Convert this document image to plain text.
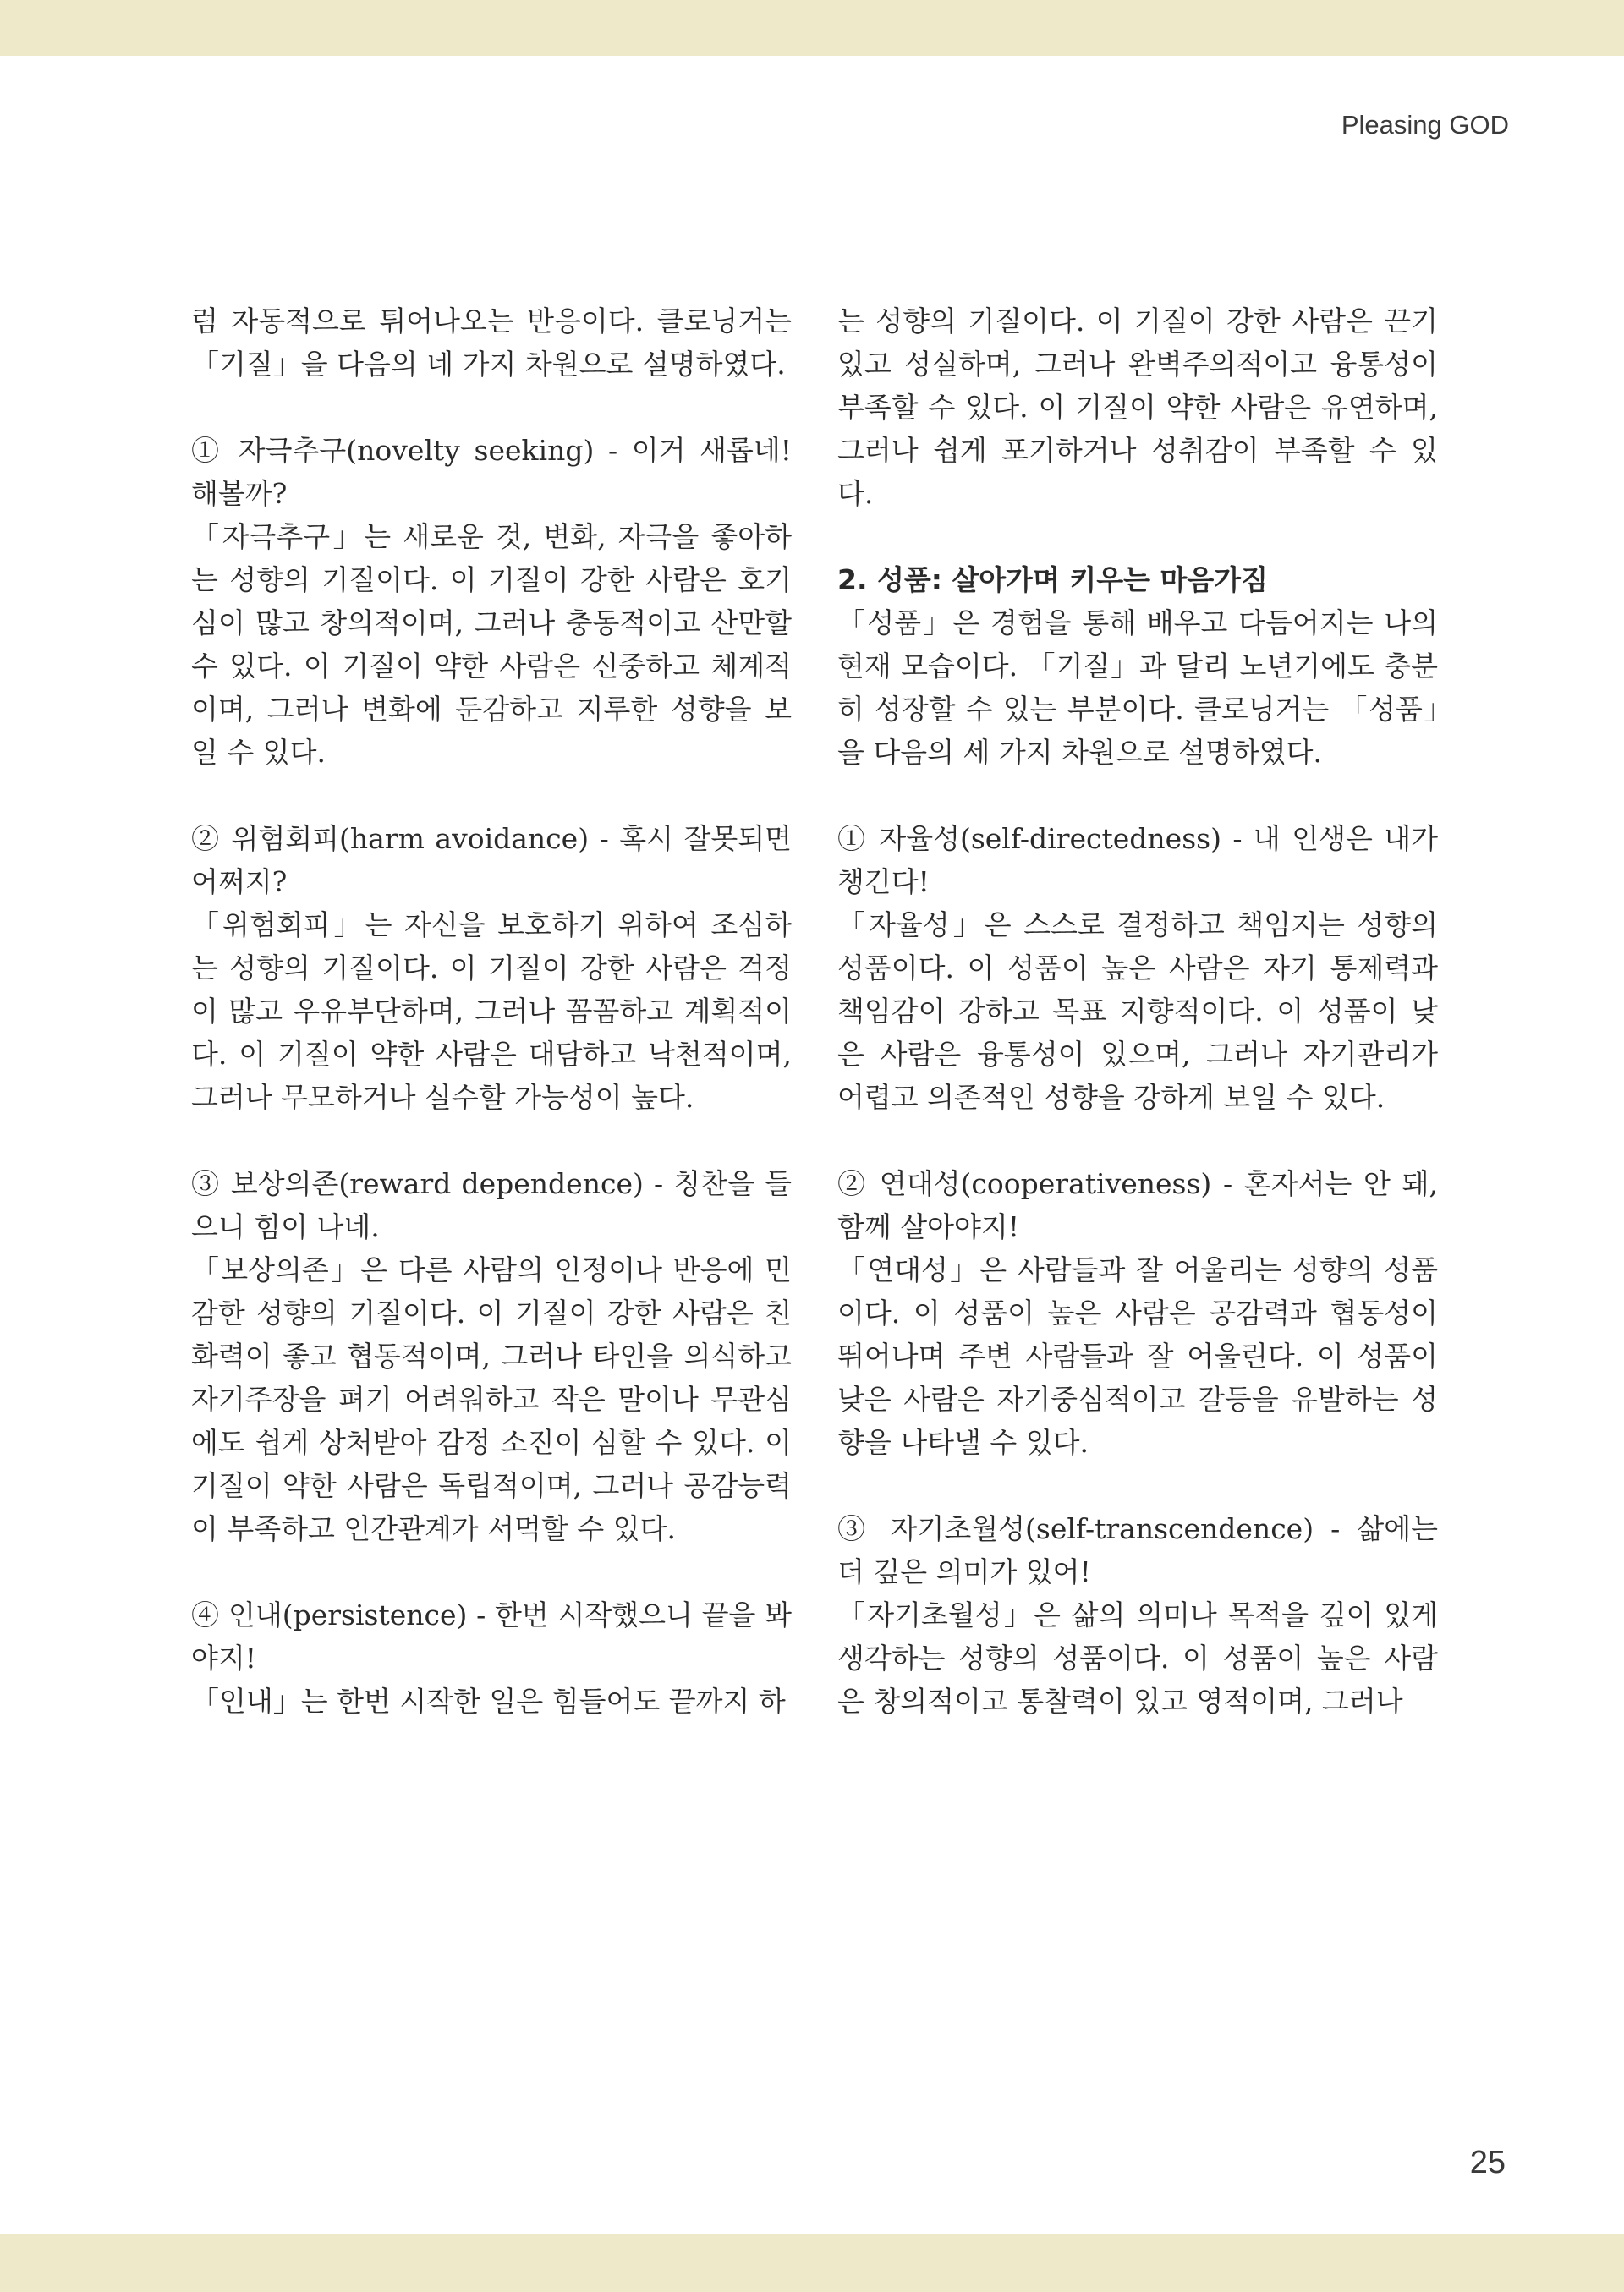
Pleasing GOD

럼 자동적으로 튀어나오는 반응이다. 클로닝거는 「기질」을 다음의 네 가지 차원으로 설명하였다.

① 자극추구(novelty seeking) - 이거 새롭네! 해볼까?

「자극추구」는 새로운 것, 변화, 자극을 좋아하는 성향의 기질이다. 이 기질이 강한 사람은 호기심이 많고 창의적이며, 그러나 충동적이고 산만할 수 있다. 이 기질이 약한 사람은 신중하고 체계적이며, 그러나 변화에 둔감하고 지루한 성향을 보일 수 있다.

② 위험회피(harm avoidance) - 혹시 잘못되면 어쩌지?

「위험회피」는 자신을 보호하기 위하여 조심하는 성향의 기질이다. 이 기질이 강한 사람은 걱정이 많고 우유부단하며, 그러나 꼼꼼하고 계획적이다. 이 기질이 약한 사람은 대담하고 낙천적이며, 그러나 무모하거나 실수할 가능성이 높다.

③ 보상의존(reward dependence) - 칭찬을 들으니 힘이 나네.

「보상의존」은 다른 사람의 인정이나 반응에 민감한 성향의 기질이다. 이 기질이 강한 사람은 친화력이 좋고 협동적이며, 그러나 타인을 의식하고 자기주장을 펴기 어려워하고 작은 말이나 무관심에도 쉽게 상처받아 감정 소진이 심할 수 있다. 이 기질이 약한 사람은 독립적이며, 그러나 공감능력이 부족하고 인간관계가 서먹할 수 있다.

④ 인내(persistence) - 한번 시작했으니 끝을 봐야지!

「인내」는 한번 시작한 일은 힘들어도 끝까지 하

는 성향의 기질이다. 이 기질이 강한 사람은 끈기 있고 성실하며, 그러나 완벽주의적이고 융통성이 부족할 수 있다. 이 기질이 약한 사람은 유연하며, 그러나 쉽게 포기하거나 성취감이 부족할 수 있다.

2. 성품: 살아가며 키우는 마음가짐

「성품」은 경험을 통해 배우고 다듬어지는 나의 현재 모습이다. 「기질」과 달리 노년기에도 충분히 성장할 수 있는 부분이다. 클로닝거는 「성품」을 다음의 세 가지 차원으로 설명하였다.

① 자율성(self-directedness) - 내 인생은 내가 챙긴다!

「자율성」은 스스로 결정하고 책임지는 성향의 성품이다. 이 성품이 높은 사람은 자기 통제력과 책임감이 강하고 목표 지향적이다. 이 성품이 낮은 사람은 융통성이 있으며, 그러나 자기관리가 어렵고 의존적인 성향을 강하게 보일 수 있다.

② 연대성(cooperativeness) - 혼자서는 안 돼, 함께 살아야지!

「연대성」은 사람들과 잘 어울리는 성향의 성품이다. 이 성품이 높은 사람은 공감력과 협동성이 뛰어나며 주변 사람들과 잘 어울린다. 이 성품이 낮은 사람은 자기중심적이고 갈등을 유발하는 성향을 나타낼 수 있다.

③ 자기초월성(self-transcendence) - 삶에는 더 깊은 의미가 있어!

「자기초월성」은 삶의 의미나 목적을 깊이 있게 생각하는 성향의 성품이다. 이 성품이 높은 사람은 창의적이고 통찰력이 있고 영적이며, 그러나

25
